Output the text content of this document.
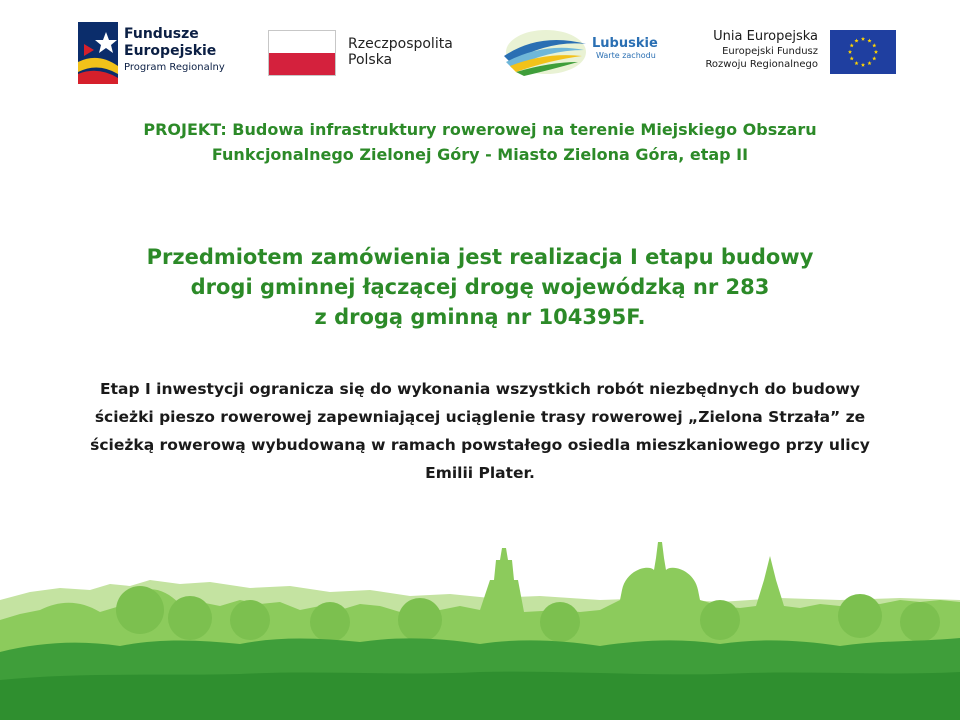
Fundusze
Europejskie
Program Regionalny
Rzeczpospolita
Polska
Lubuskie
Warte zachodu
Unia Europejska
Europejski Fundusz
Rozwoju Regionalnego
PROJEKT: Budowa infrastruktury rowerowej na terenie Miejskiego Obszaru
Funkcjonalnego Zielonej Góry - Miasto Zielona Góra, etap II
Przedmiotem zamówienia jest realizacja I etapu budowy
drogi gminnej łączącej drogę wojewódzką nr 283
z drogą gminną nr 104395F.
Etap I inwestycji ogranicza się do wykonania wszystkich robót niezbędnych do budowy
ścieżki pieszo rowerowej zapewniającej uciąglenie trasy rowerowej „Zielona Strzała” ze
ścieżką rowerową wybudowaną w ramach powstałego osiedla mieszkaniowego przy ulicy
Emilii Plater.
